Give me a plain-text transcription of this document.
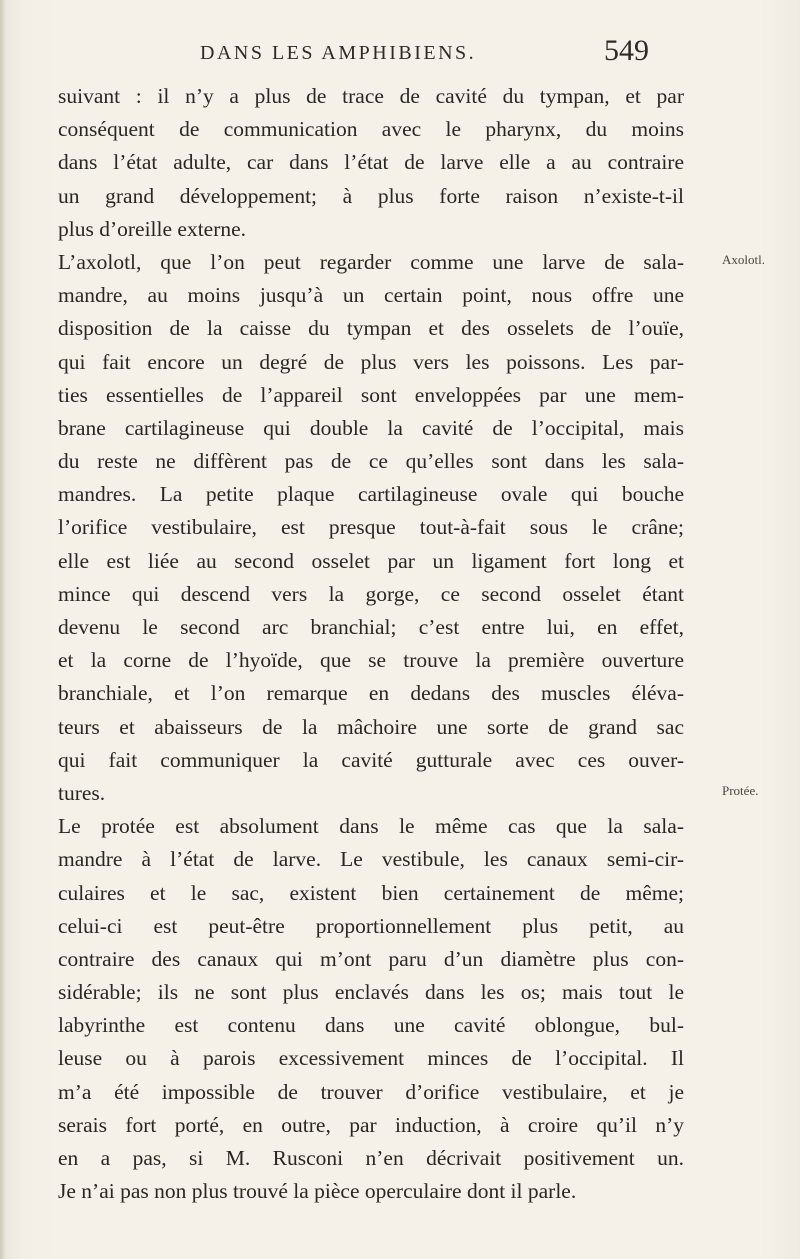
DANS LES AMPHIBIENS.	549
suivant : il n’y a plus de trace de cavité du tympan, et par
conséquent de communication avec le pharynx, du moins
dans l’état adulte, car dans l’état de larve elle a au contraire
un grand développement; à plus forte raison n’existe-t-il
plus d’oreille externe.
L’axolotl, que l’on peut regarder comme une larve de sala-
mandre, au moins jusqu’à un certain point, nous offre une
disposition de la caisse du tympan et des osselets de l’ouïe,
qui fait encore un degré de plus vers les poissons. Les par-
ties essentielles de l’appareil sont enveloppées par une mem-
brane cartilagineuse qui double la cavité de l’occipital, mais
du reste ne diffèrent pas de ce qu’elles sont dans les sala-
mandres. La petite plaque cartilagineuse ovale qui bouche
l’orifice vestibulaire, est presque tout-à-fait sous le crâne;
elle est liée au second osselet par un ligament fort long et
mince qui descend vers la gorge, ce second osselet étant
devenu le second arc branchial; c’est entre lui, en effet,
et la corne de l’hyoïde, que se trouve la première ouverture
branchiale, et l’on remarque en dedans des muscles éléva-
teurs et abaisseurs de la mâchoire une sorte de grand sac
qui fait communiquer la cavité gutturale avec ces ouver-
tures.
Le protée est absolument dans le même cas que la sala-
mandre à l’état de larve. Le vestibule, les canaux semi-cir-
culaires et le sac, existent bien certainement de même;
celui-ci est peut-être proportionnellement plus petit, au
contraire des canaux qui m’ont paru d’un diamètre plus con-
sidérable; ils ne sont plus enclavés dans les os; mais tout le
labyrinthe est contenu dans une cavité oblongue, bul-
leuse ou à parois excessivement minces de l’occipital. Il
m’a été impossible de trouver d’orifice vestibulaire, et je
serais fort porté, en outre, par induction, à croire qu’il n’y
en a pas, si M. Rusconi n’en décrivait positivement un.
Je n’ai pas non plus trouvé la pièce operculaire dont il parle.
Axolotl.
Protée.
